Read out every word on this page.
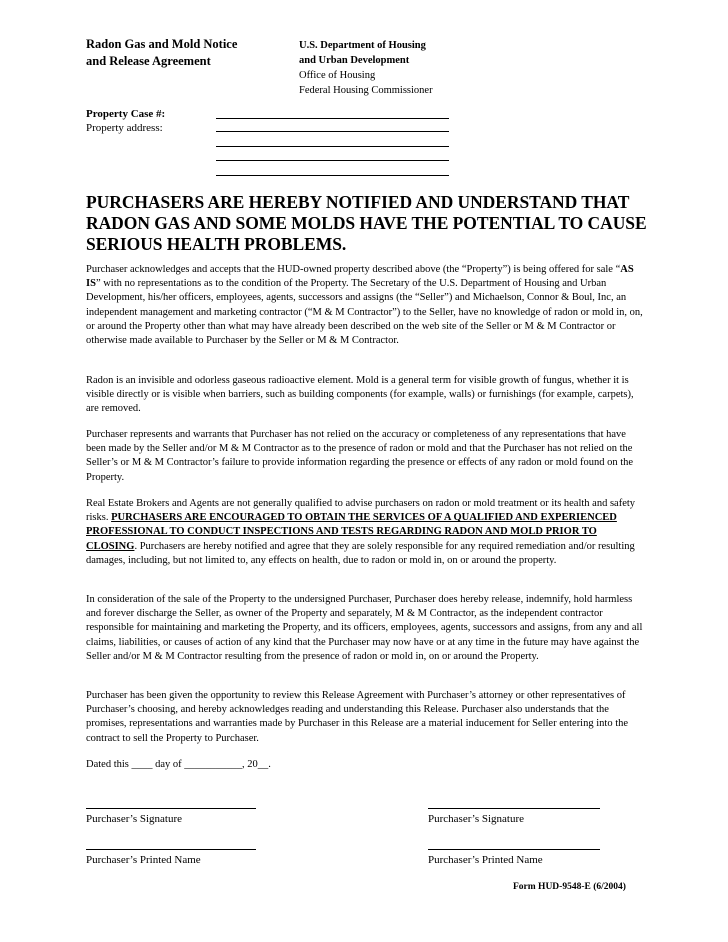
Radon Gas and Mold Notice
and Release Agreement
U.S. Department of Housing
and Urban Development
Office of Housing
Federal Housing Commissioner
Property Case #:
Property address:
PURCHASERS ARE HEREBY NOTIFIED AND UNDERSTAND THAT
RADON GAS AND SOME MOLDS HAVE THE POTENTIAL TO CAUSE
SERIOUS HEALTH PROBLEMS.

Purchaser acknowledges and accepts that the HUD-owned property described above (the “Property”) is being offered for sale “AS IS” with no representations as to the condition of the Property. The Secretary of the U.S. Department of Housing and Urban Development, his/her officers, employees, agents, successors and assigns (the “Seller”) and Michaelson, Connor & Boul, Inc, an independent management and marketing contractor (“M & M Contractor”) to the Seller, have no knowledge of radon or mold in, on, or around the Property other than what may have already been described on the web site of the Seller or M & M Contractor or otherwise made available to Purchaser by the Seller or M & M Contractor.

Radon is an invisible and odorless gaseous radioactive element. Mold is a general term for visible growth of fungus, whether it is visible directly or is visible when barriers, such as building components (for example, walls) or furnishings (for example, carpets), are removed.

Purchaser represents and warrants that Purchaser has not relied on the accuracy or completeness of any representations that have been made by the Seller and/or M & M Contractor as to the presence of radon or mold and that the Purchaser has not relied on the Seller’s or M & M Contractor’s failure to provide information regarding the presence or effects of any radon or mold found on the Property.

Real Estate Brokers and Agents are not generally qualified to advise purchasers on radon or mold treatment or its health and safety risks. PURCHASERS ARE ENCOURAGED TO OBTAIN THE SERVICES OF A QUALIFIED AND EXPERIENCED PROFESSIONAL TO CONDUCT INSPECTIONS AND TESTS REGARDING RADON AND MOLD PRIOR TO CLOSING. Purchasers are hereby notified and agree that they are solely responsible for any required remediation and/or resulting damages, including, but not limited to, any effects on health, due to radon or mold in, on or around the property.

In consideration of the sale of the Property to the undersigned Purchaser, Purchaser does hereby release, indemnify, hold harmless and forever discharge the Seller, as owner of the Property and separately, M & M Contractor, as the independent contractor responsible for maintaining and marketing the Property, and its officers, employees, agents, successors and assigns, from any and all claims, liabilities, or causes of action of any kind that the Purchaser may now have or at any time in the future may have against the Seller and/or M & M Contractor resulting from the presence of radon or mold in, on or around the Property.

Purchaser has been given the opportunity to review this Release Agreement with Purchaser’s attorney or other representatives of Purchaser’s choosing, and hereby acknowledges reading and understanding this Release. Purchaser also understands that the promises, representations and warranties made by Purchaser in this Release are a material inducement for Seller entering into the contract to sell the Property to Purchaser.

Dated this ____ day of ___________, 20__.

Purchaser’s Signature	Purchaser’s Signature
Purchaser’s Printed Name	Purchaser’s Printed Name
Form HUD-9548-E (6/2004)
